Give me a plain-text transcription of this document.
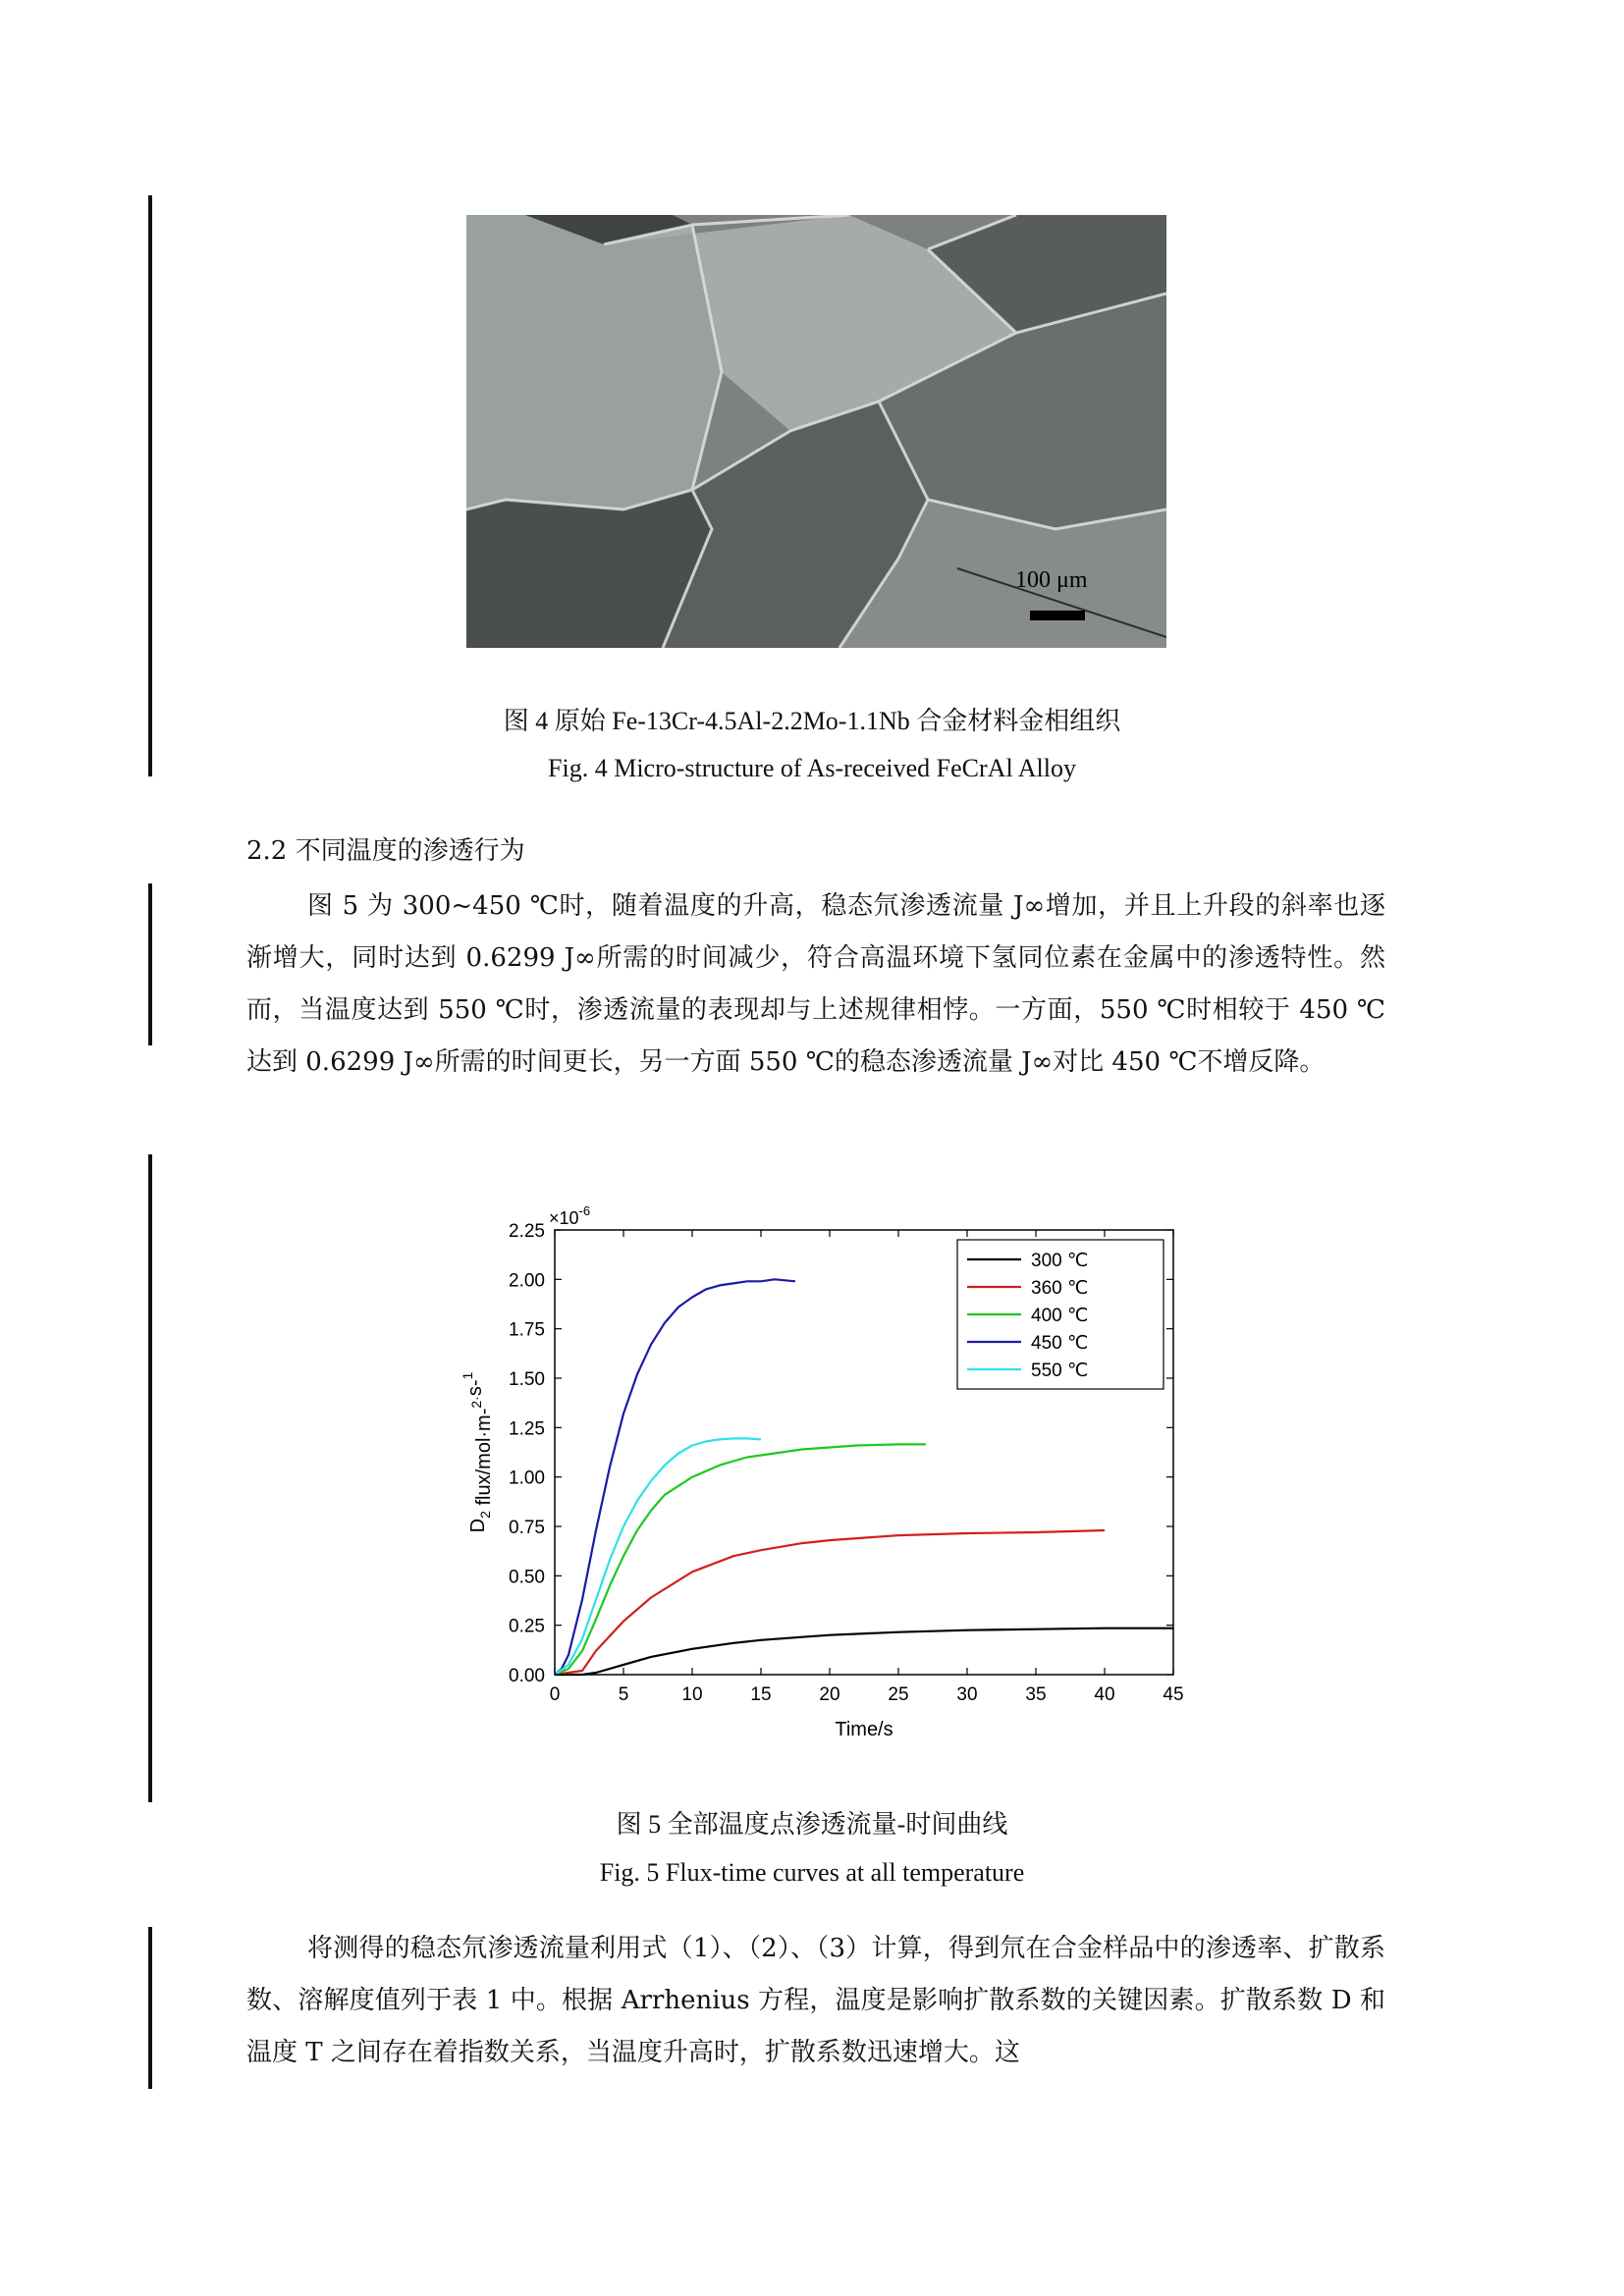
100 μm
图 4 原始 Fe-13Cr-4.5Al-2.2Mo-1.1Nb 合金材料金相组织
Fig. 4 Micro-structure of As-received FeCrAl Alloy
2.2 不同温度的渗透行为
图 5 为 300~450 ℃时，随着温度的升高，稳态氘渗透流量 J∞增加，并且上升段的斜率也逐渐增大，同时达到 0.6299 J∞所需的时间减少，符合高温环境下氢同位素在金属中的渗透特性。然而，当温度达到 550 ℃时，渗透流量的表现却与上述规律相悖。一方面，550 ℃时相较于 450 ℃达到 0.6299 J∞所需的时间更长，另一方面 550 ℃的稳态渗透流量 J∞对比 450 ℃不增反降。
0	5	10	15	20	25	30	35	40	45
0.00
0.25
0.50
0.75
1.00
1.25
1.50
1.75
2.00
2.25
$\times 10^{-6}$
Time/s
$D_2$ flux/mol·m-$^{2\cdot}$s-$^1$
300 ℃
360 ℃
400 ℃
450 ℃
550 ℃
图 5 全部温度点渗透流量-时间曲线
Fig. 5 Flux-time curves at all temperature
将测得的稳态氘渗透流量利用式（1）、（2）、（3）计算，得到氘在合金样品中的渗透率、扩散系数、溶解度值列于表 1 中。根据 Arrhenius 方程，温度是影响扩散系数的关键因素。扩散系数 D 和温度 T 之间存在着指数关系，当温度升高时，扩散系数迅速增大。这
